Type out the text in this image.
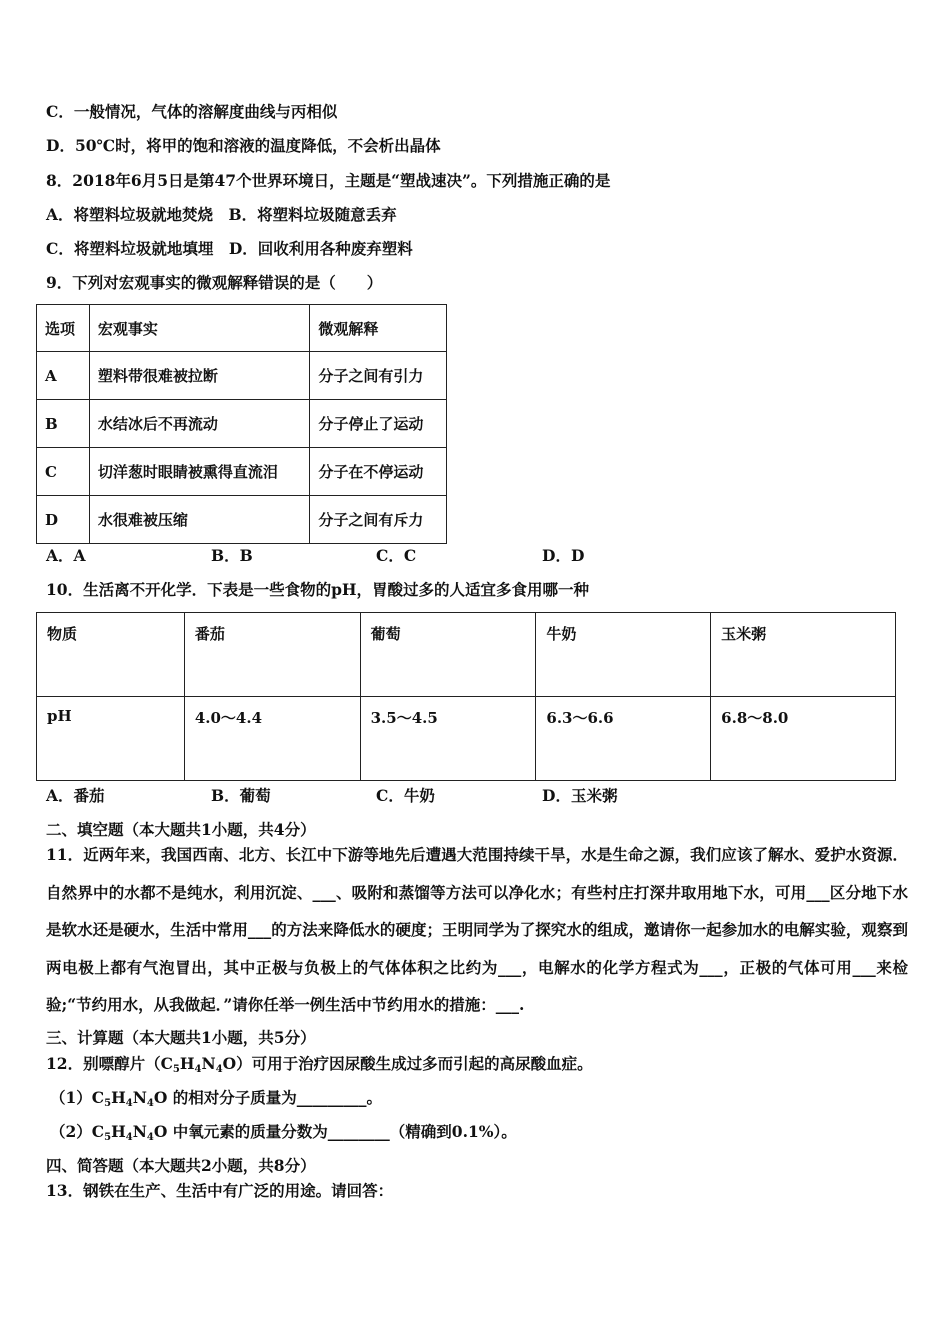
C．一般情况，气体的溶解度曲线与丙相似
D．50℃时，将甲的饱和溶液的温度降低，不会析出晶体
8．2018年6月5日是第47个世界环境日，主题是“塑战速决”。下列措施正确的是
A．将塑料垃圾就地焚烧　B．将塑料垃圾随意丢弃
C．将塑料垃圾就地填埋　D．回收利用各种废弃塑料
9．下列对宏观事实的微观解释错误的是（　　）
选项	宏观事实	微观解释
A	塑料带很难被拉断	分子之间有引力
B	水结冰后不再流动	分子停止了运动
C	切洋葱时眼睛被熏得直流泪	分子在不停运动
D	水很难被压缩	分子之间有斥力
A．A	B．B	C．C	D．D
10．生活离不开化学．下表是一些食物的pH，胃酸过多的人适宜多食用哪一种
物质	番茄	葡萄	牛奶	玉米粥
pH	4.0～4.4	3.5～4.5	6.3～6.6	6.8～8.0
A．番茄	B．葡萄	C．牛奶	D．玉米粥
二、填空题（本大题共1小题，共4分）
11．近两年来，我国西南、北方、长江中下游等地先后遭遇大范围持续干旱，水是生命之源，我们应该了解水、爱护水资源．自然界中的水都不是纯水，利用沉淀、___、吸附和蒸馏等方法可以净化水；有些村庄打深井取用地下水，可用___区分地下水是软水还是硬水，生活中常用___的方法来降低水的硬度；王明同学为了探究水的组成，邀请你一起参加水的电解实验，观察到两电极上都有气泡冒出，其中正极与负极上的气体体积之比约为___，电解水的化学方程式为___，正极的气体可用___来检验;“节约用水，从我做起．”请你任举一例生活中节约用水的措施：___.
三、计算题（本大题共1小题，共5分）
12．别嘌醇片$(C_5H_4N_4O)$可用于治疗因尿酸生成过多而引起的高尿酸血症。
$(1)C_5H_4N_4O$ 的相对分子质量为_________。
$(2)C_5H_4N_4O$ 中氧元素的质量分数为________（精确到0.1%）。
四、简答题（本大题共2小题，共8分）
13．钢铁在生产、生活中有广泛的用途。请回答：
